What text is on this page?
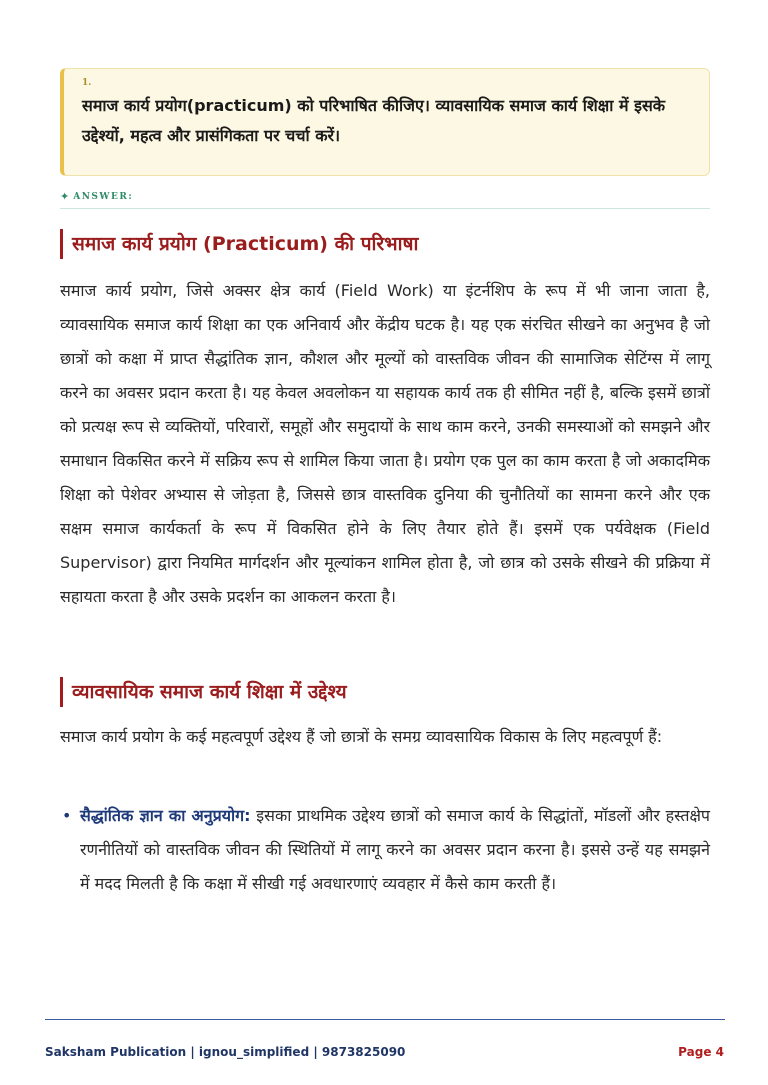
1.
समाज कार्य प्रयोग(practicum) को परिभाषित कीजिए। व्यावसायिक समाज कार्य शिक्षा में इसके उद्देश्यों, महत्व और प्रासंगिकता पर चर्चा करें।
✦ ANSWER:
समाज कार्य प्रयोग (Practicum) की परिभाषा

समाज कार्य प्रयोग, जिसे अक्सर क्षेत्र कार्य (Field Work) या इंटर्नशिप के रूप में भी जाना जाता है, व्यावसायिक समाज कार्य शिक्षा का एक अनिवार्य और केंद्रीय घटक है। यह एक संरचित सीखने का अनुभव है जो छात्रों को कक्षा में प्राप्त सैद्धांतिक ज्ञान, कौशल और मूल्यों को वास्तविक जीवन की सामाजिक सेटिंग्स में लागू करने का अवसर प्रदान करता है। यह केवल अवलोकन या सहायक कार्य तक ही सीमित नहीं है, बल्कि इसमें छात्रों को प्रत्यक्ष रूप से व्यक्तियों, परिवारों, समूहों और समुदायों के साथ काम करने, उनकी समस्याओं को समझने और समाधान विकसित करने में सक्रिय रूप से शामिल किया जाता है। प्रयोग एक पुल का काम करता है जो अकादमिक शिक्षा को पेशेवर अभ्यास से जोड़ता है, जिससे छात्र वास्तविक दुनिया की चुनौतियों का सामना करने और एक सक्षम समाज कार्यकर्ता के रूप में विकसित होने के लिए तैयार होते हैं। इसमें एक पर्यवेक्षक (Field Supervisor) द्वारा नियमित मार्गदर्शन और मूल्यांकन शामिल होता है, जो छात्र को उसके सीखने की प्रक्रिया में सहायता करता है और उसके प्रदर्शन का आकलन करता है।

व्यावसायिक समाज कार्य शिक्षा में उद्देश्य

समाज कार्य प्रयोग के कई महत्वपूर्ण उद्देश्य हैं जो छात्रों के समग्र व्यावसायिक विकास के लिए महत्वपूर्ण हैं:

• सैद्धांतिक ज्ञान का अनुप्रयोग: इसका प्राथमिक उद्देश्य छात्रों को समाज कार्य के सिद्धांतों, मॉडलों और हस्तक्षेप रणनीतियों को वास्तविक जीवन की स्थितियों में लागू करने का अवसर प्रदान करना है। इससे उन्हें यह समझने में मदद मिलती है कि कक्षा में सीखी गई अवधारणाएं व्यवहार में कैसे काम करती हैं।
Saksham Publication | ignou_simplified | 9873825090	Page 4
